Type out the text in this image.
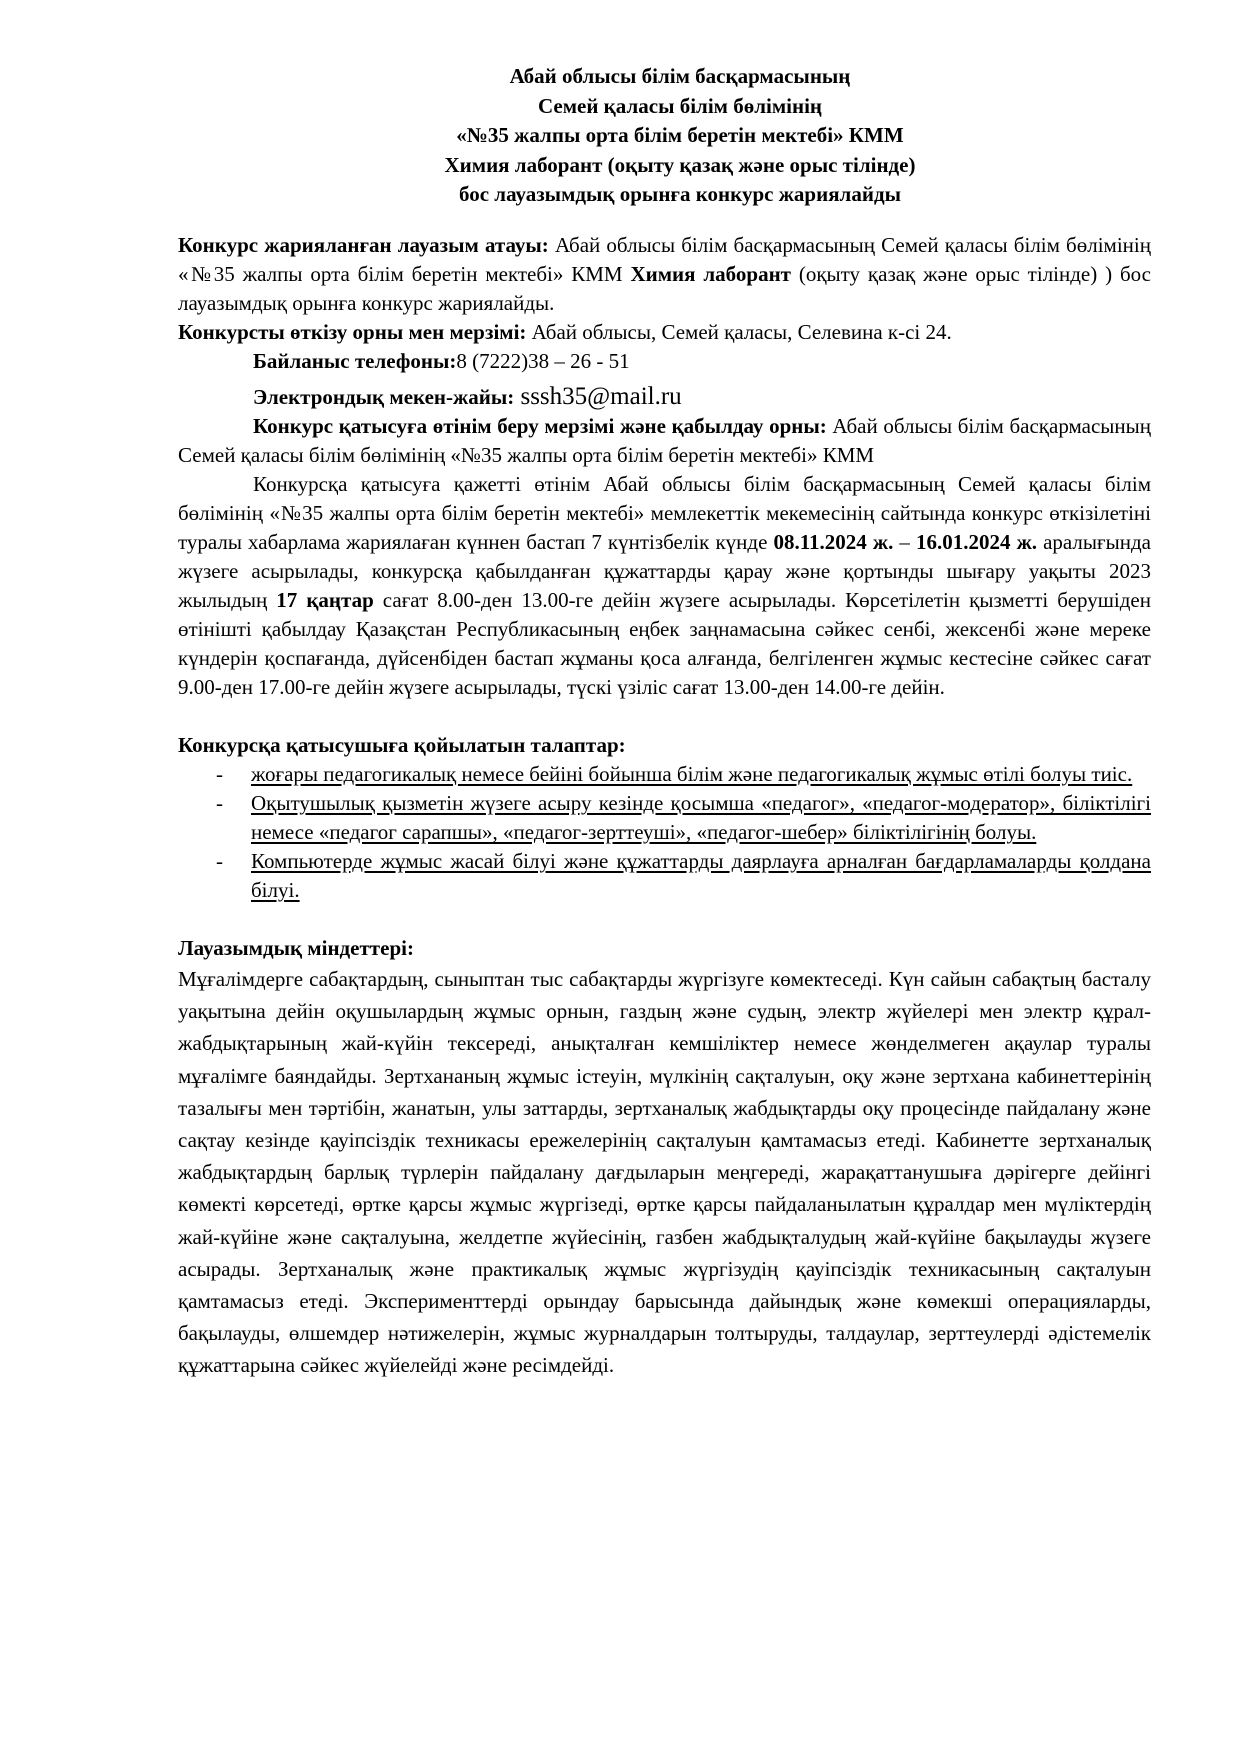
Абай облысы білім басқармасының
Семей қаласы білім бөлімінің
«№35 жалпы орта білім беретін мектебі» КММ
Химия лаборант (оқыту қазақ және орыс тілінде)
бос лауазымдық орынға конкурс жариялайды

Конкурс жарияланған лауазым атауы: Абай облысы білім басқармасының Семей қаласы білім бөлімінің «№35 жалпы орта білім беретін мектебі» КММ Химия лаборант (оқыту қазақ және орыс тілінде) ) бос лауазымдық орынға конкурс жариялайды.

Конкурсты өткізу орны мен мерзімі: Абай облысы, Семей қаласы, Селевина к-сі 24.

Байланыс телефоны:8 (7222)38 – 26 - 51

Электрондық мекен-жайы: sssh35@mail.ru

Конкурс қатысуға өтінім беру мерзімі және қабылдау орны: Абай облысы білім басқармасының Семей қаласы білім бөлімінің «№35 жалпы орта білім беретін мектебі» КММ

Конкурсқа қатысуға қажетті өтінім Абай облысы білім басқармасының Семей қаласы білім бөлімінің «№35 жалпы орта білім беретін мектебі» мемлекеттік мекемесінің сайтында конкурс өткізілетіні туралы хабарлама жариялаған күннен бастап 7 күнтізбелік күнде 08.11.2024 ж. – 16.01.2024 ж. аралығында жүзеге асырылады, конкурсқа қабылданған құжаттарды қарау және қортынды шығару уақыты 2023 жылыдың 17 қаңтар сағат 8.00-ден 13.00-ге дейін жүзеге асырылады. Көрсетілетін қызметті берушіден өтінішті қабылдау Қазақстан Республикасының еңбек заңнамасына сәйкес сенбі, жексенбі және мереке күндерін қоспағанда, дүйсенбіден бастап жұманы қоса алғанда, белгіленген жұмыс кестесіне сәйкес сағат 9.00-ден 17.00-ге дейін жүзеге асырылады, түскі үзіліс сағат 13.00-ден 14.00-ге дейін.

Конкурсқа қатысушыға қойылатын талаптар:

- жоғары педагогикалық немесе бейіні бойынша білім және педагогикалық жұмыс өтілі болуы тиіс.
- Оқытушылық қызметін жүзеге асыру кезінде қосымша «педагог», «педагог-модератор», біліктілігі немесе «педагог сарапшы», «педагог-зерттеуші», «педагог-шебер» біліктілігінің болуы.
- Компьютерде жұмыс жасай білуі және құжаттарды даярлауға арналған бағдарламаларды қолдана білуі.

Лауазымдық міндеттері:

Мұғалімдерге сабақтардың, сыныптан тыс сабақтарды жүргізуге көмектеседі. Күн сайын сабақтың басталу уақытына дейін оқушылардың жұмыс орнын, газдың және судың, электр жүйелері мен электр құрал-жабдықтарының жай-күйін тексереді, анықталған кемшіліктер немесе жөнделмеген ақаулар туралы мұғалімге баяндайды. Зертхананың жұмыс істеуін, мүлкінің сақталуын, оқу және зертхана кабинеттерінің тазалығы мен тәртібін, жанатын, улы заттарды, зертханалық жабдықтарды оқу процесінде пайдалану және сақтау кезінде қауіпсіздік техникасы ережелерінің сақталуын қамтамасыз етеді. Кабинетте зертханалық жабдықтардың барлық түрлерін пайдалану дағдыларын меңгереді, жарақаттанушыға дәрігерге дейінгі көмекті көрсетеді, өртке қарсы жұмыс жүргізеді, өртке қарсы пайдаланылатын құралдар мен мүліктердің жай-күйіне және сақталуына, желдетпе жүйесінің, газбен жабдықталудың жай-күйіне бақылауды жүзеге асырады. Зертханалық және практикалық жұмыс жүргізудің қауіпсіздік техникасының сақталуын қамтамасыз етеді. Эксперименттерді орындау барысында дайындық және көмекші операцияларды, бақылауды, өлшемдер нәтижелерін, жұмыс журналдарын толтыруды, талдаулар, зерттеулерді әдістемелік құжаттарына сәйкес жүйелейді және ресімдейді.
